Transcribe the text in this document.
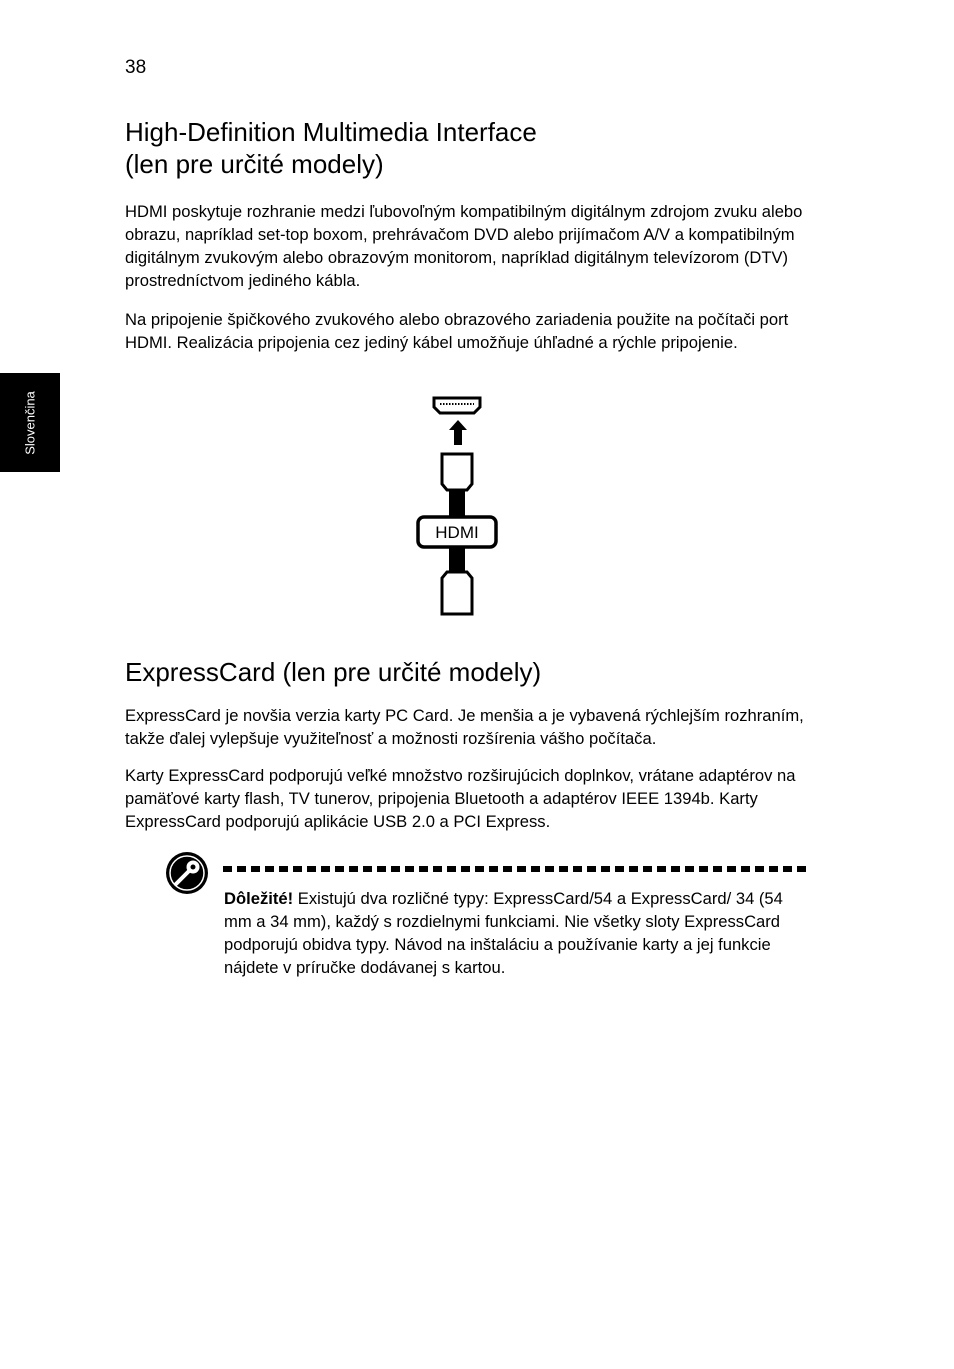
38
High-Definition Multimedia Interface
(len pre určité modely)

HDMI poskytuje rozhranie medzi ľubovoľným kompatibilným digitálnym zdrojom zvuku alebo obrazu, napríklad set-top boxom, prehrávačom DVD alebo prijímačom A/V a kompatibilným digitálnym zvukovým alebo obrazovým monitorom, napríklad digitálnym televízorom (DTV) prostredníctvom jediného kábla.

Na pripojenie špičkového zvukového alebo obrazového zariadenia použite na počítači port HDMI. Realizácia pripojenia cez jediný kábel umožňuje úhľadné a rýchle pripojenie.

Slovenčina
HDMI
ExpressCard (len pre určité modely)

ExpressCard je novšia verzia karty PC Card. Je menšia a je vybavená rýchlejším rozhraním, takže ďalej vylepšuje využiteľnosť a možnosti rozšírenia vášho počítača.

Karty ExpressCard podporujú veľké množstvo rozširujúcich doplnkov, vrátane adaptérov na pamäťové karty flash, TV tunerov, pripojenia Bluetooth a adaptérov IEEE 1394b. Karty ExpressCard podporujú aplikácie USB 2.0 a PCI Express.

Dôležité! Existujú dva rozličné typy: ExpressCard/54 a ExpressCard/ 34 (54 mm a 34 mm), každý s rozdielnymi funkciami. Nie všetky sloty ExpressCard podporujú obidva typy. Návod na inštaláciu a používanie karty a jej funkcie nájdete v príručke dodávanej s kartou.
